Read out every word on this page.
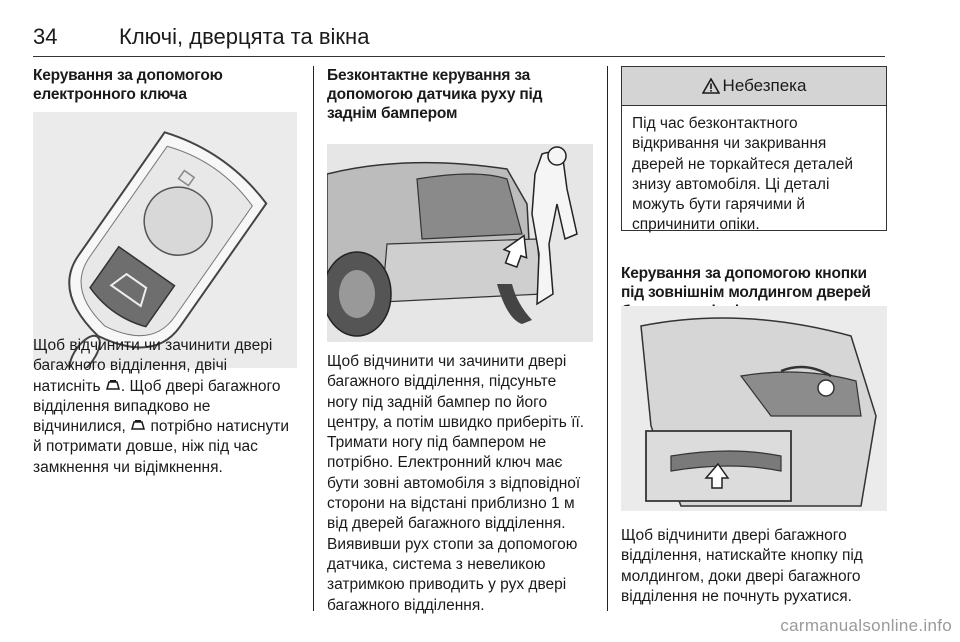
34	Ключі, дверцята та вікна
Керування за допомогою електронного ключа

Щоб відчинити чи зачинити двері
багажного відділення, двічі
натисніть . Щоб двері багажного
відділення випадково не
відчинилися, потрібно натиснути
й потримати довше, ніж під час
замкнення чи відімкнення.

Безконтактне керування за допомогою датчика руху під заднім бампером

Щоб відчинити чи зачинити двері
багажного відділення, підсуньте
ногу під задній бампер по його
центру, а потім швидко приберіть її.
Тримати ногу під бампером не
потрібно. Електронний ключ має
бути зовні автомобіля з відповідної
сторони на відстані приблизно 1 м
від дверей багажного відділення.
Виявивши рух стопи за допомогою
датчика, система з невеликою
затримкою приводить у рух двері
багажного відділення.

Небезпека
Під час безконтактного
відкривання чи закривання
дверей не торкайтеся деталей
знизу автомобіля. Ці деталі
можуть бути гарячими й
спричинити опіки.
Керування за допомогою кнопки під зовнішнім молдингом дверей

Щоб відчинити двері багажного
відділення, натискайте кнопку під
молдингом, доки двері багажного
відділення не почнуть рухатися.

carmanualsonline.info
